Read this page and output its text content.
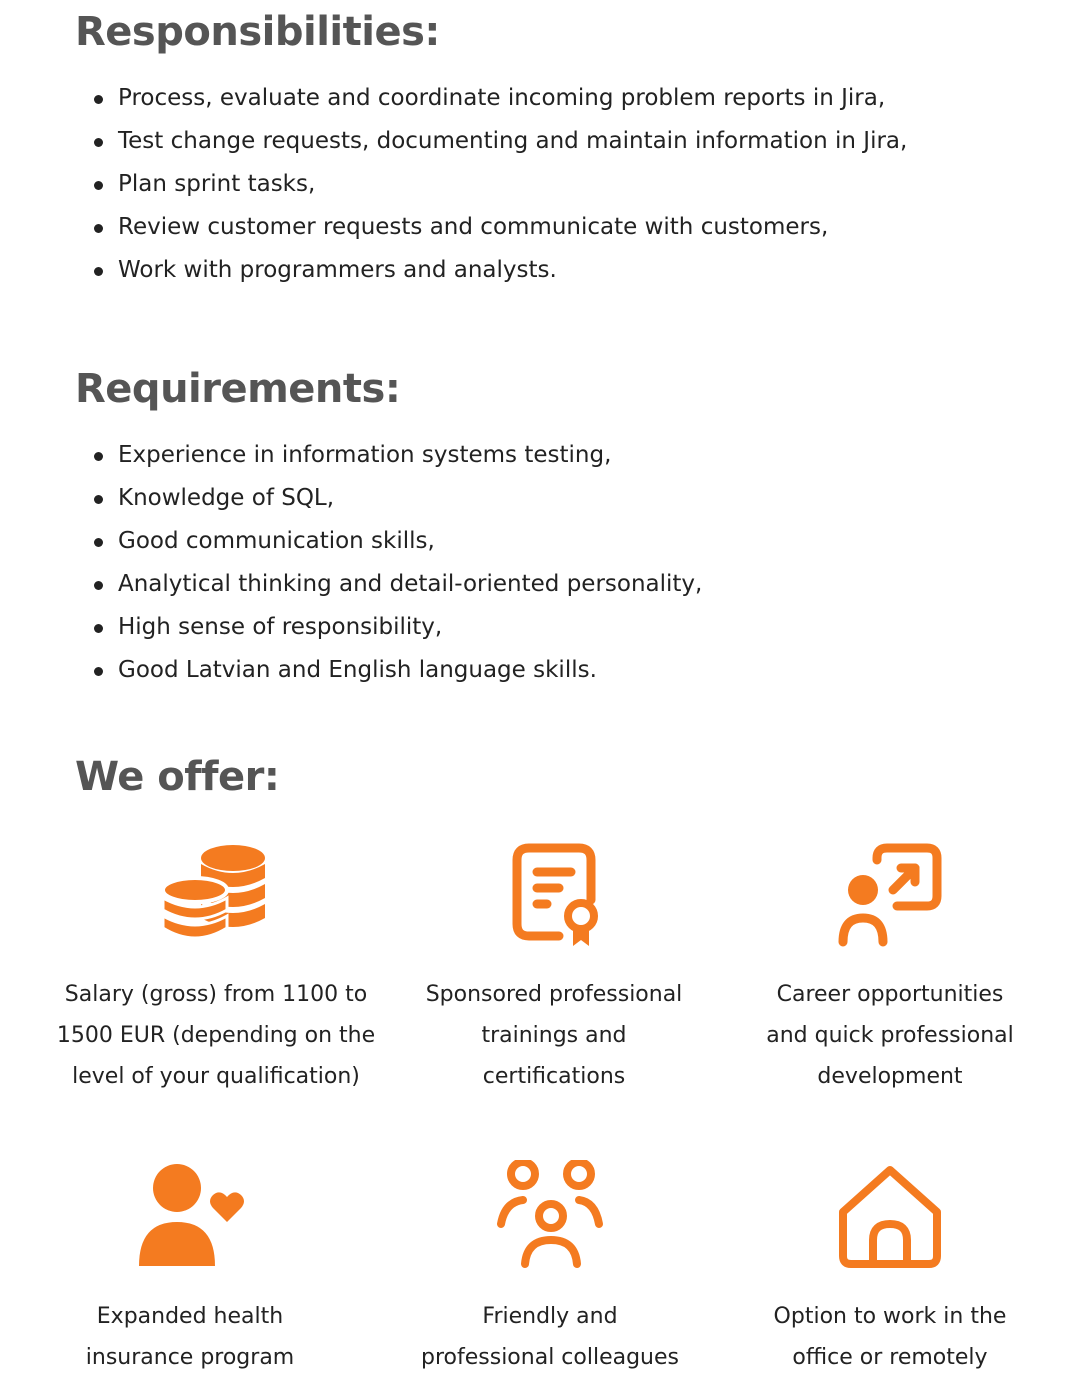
Responsibilities:
Process, evaluate and coordinate incoming problem reports in Jira,
Test change requests, documenting and maintain information in Jira,
Plan sprint tasks,
Review customer requests and communicate with customers,
Work with programmers and analysts.
Requirements:
Experience in information systems testing,
Knowledge of SQL,
Good communication skills,
Analytical thinking and detail-oriented personality,
High sense of responsibility,
Good Latvian and English language skills.
We offer:
Salary (gross) from 1100 to
1500 EUR (depending on the
level of your qualification)
Sponsored professional
trainings and
certifications
Career opportunities
and quick professional
development
Expanded health
insurance program
Friendly and
professional colleagues
Option to work in the
office or remotely
